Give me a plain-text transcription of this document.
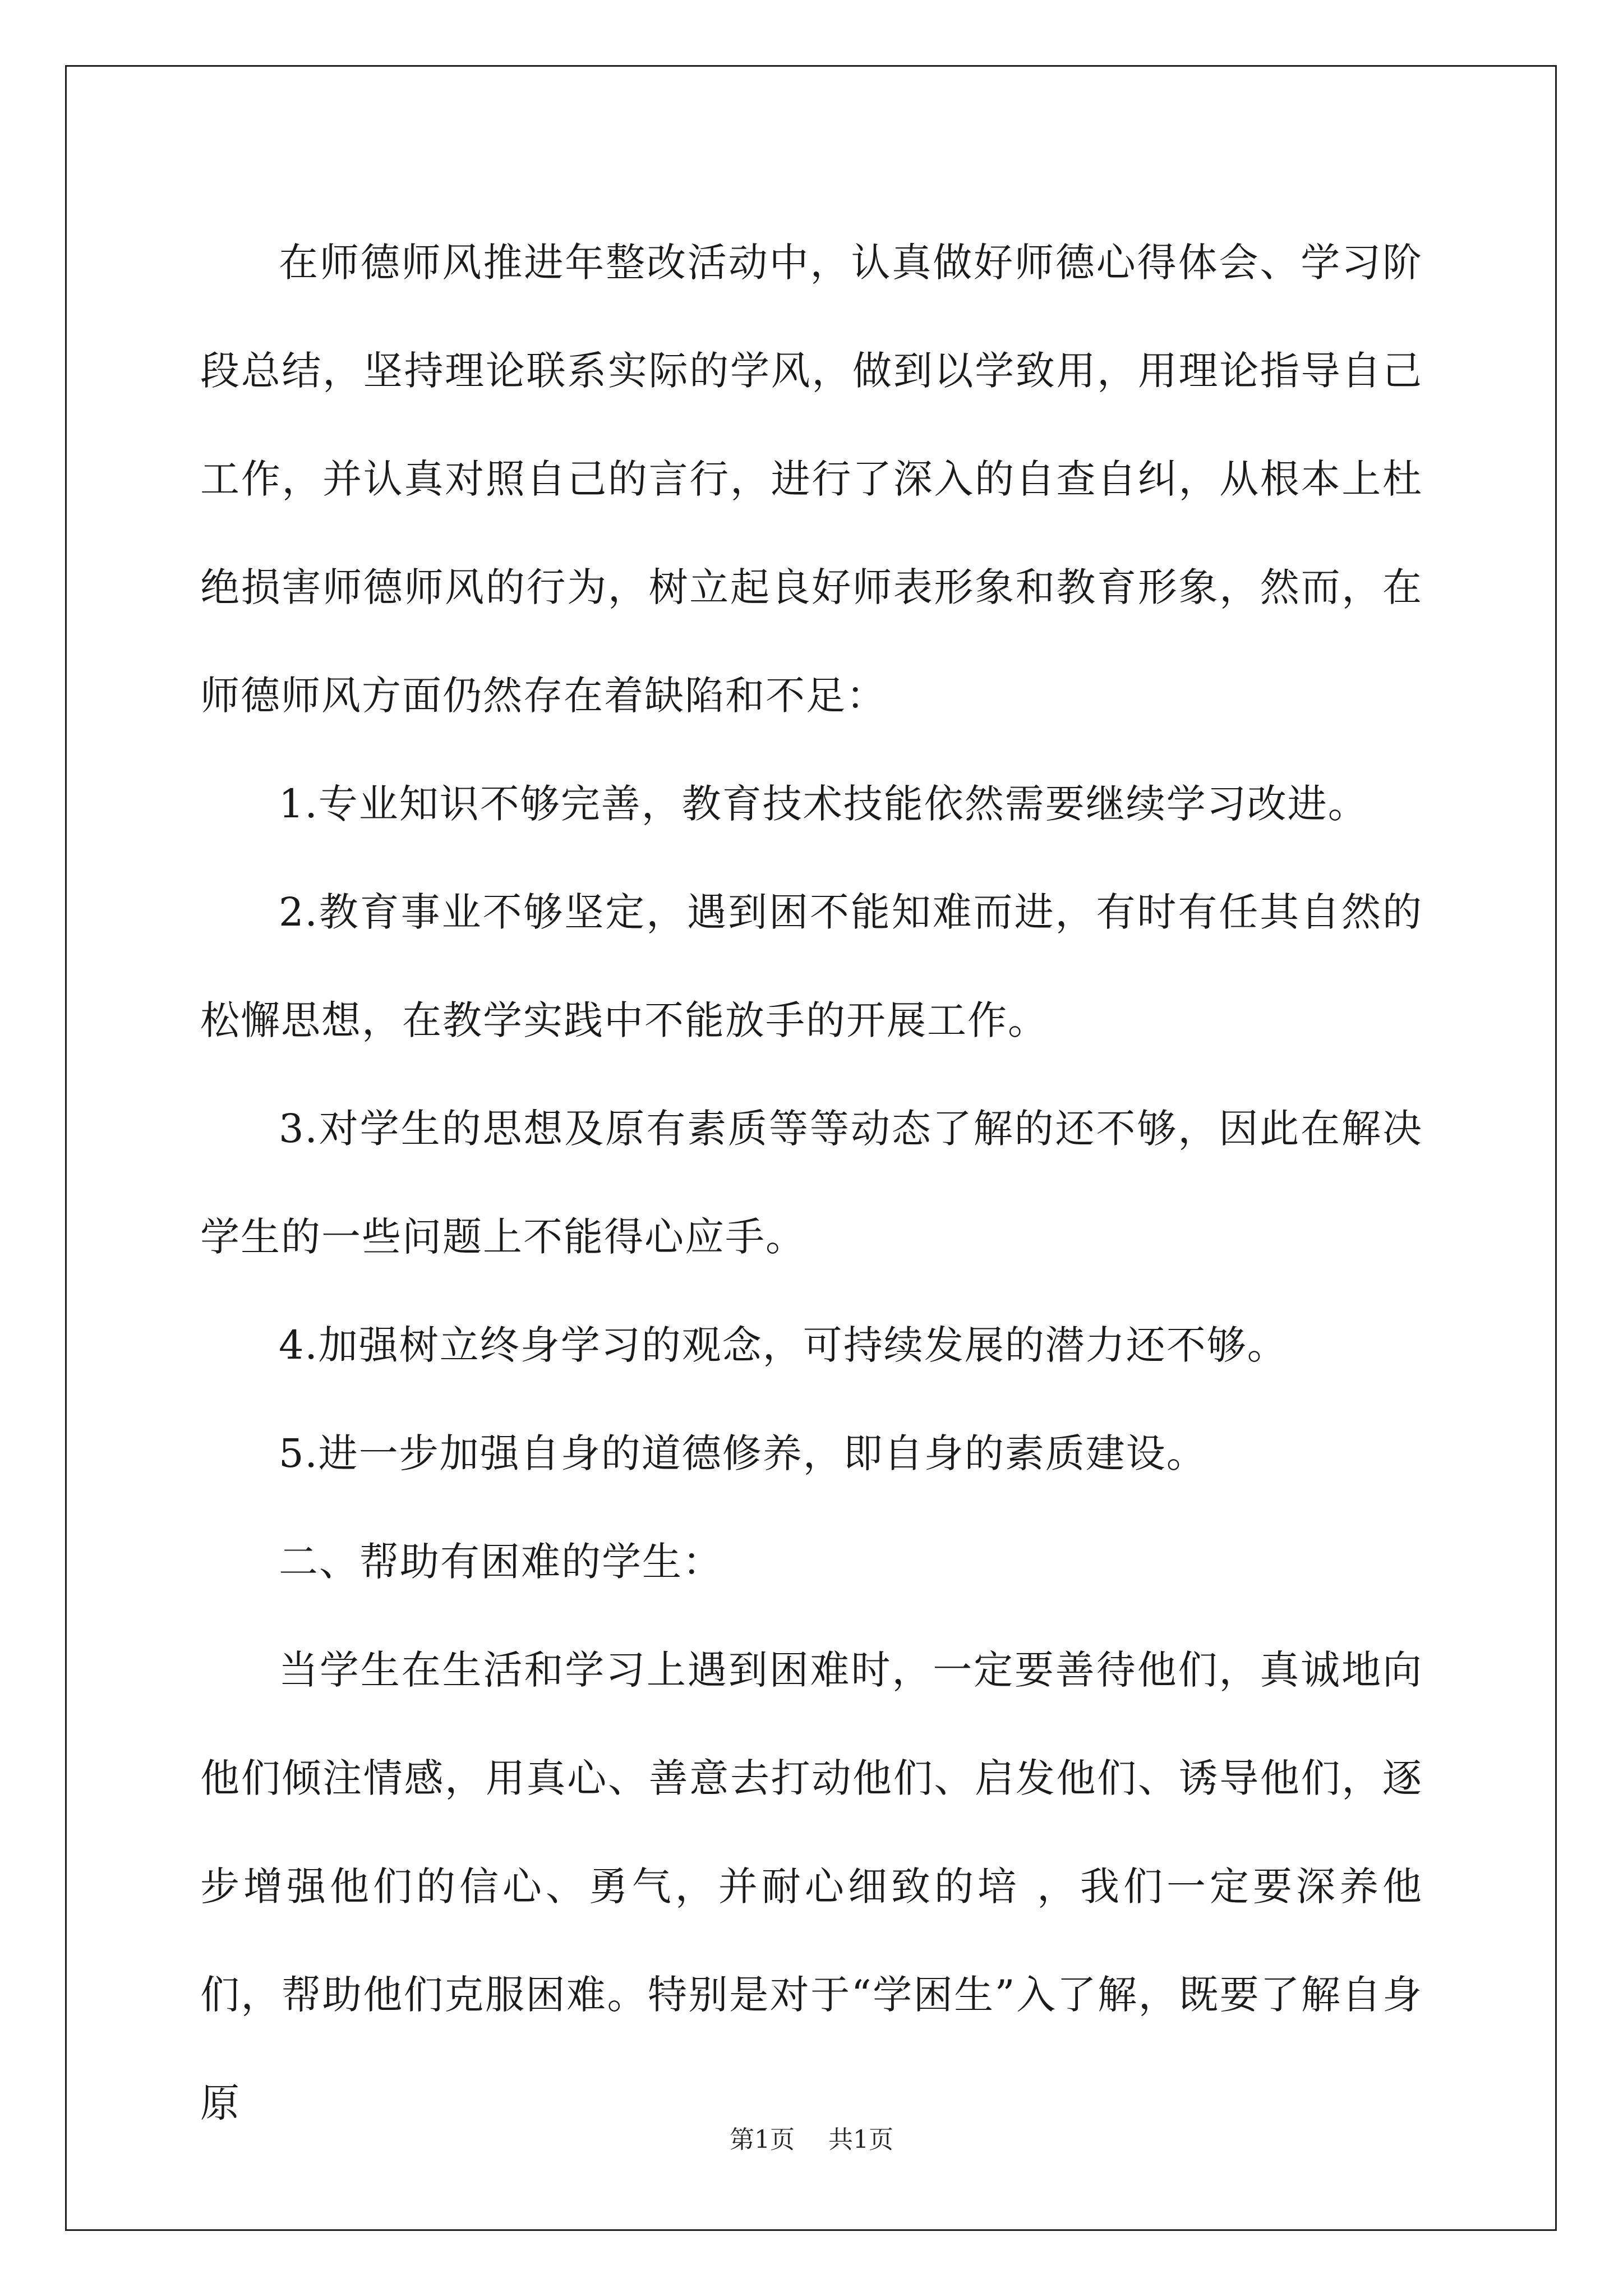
在师德师风推进年整改活动中，认真做好师德心得体会、学习阶段总结，坚持理论联系实际的学风，做到以学致用，用理论指导自己工作，并认真对照自己的言行，进行了深入的自查自纠，从根本上杜绝损害师德师风的行为，树立起良好师表形象和教育形象，然而，在师德师风方面仍然存在着缺陷和不足：

1.专业知识不够完善，教育技术技能依然需要继续学习改进。

2.教育事业不够坚定，遇到困不能知难而进，有时有任其自然的松懈思想，在教学实践中不能放手的开展工作。

3.对学生的思想及原有素质等等动态了解的还不够，因此在解决学生的一些问题上不能得心应手。

4.加强树立终身学习的观念，可持续发展的潜力还不够。

5.进一步加强自身的道德修养，即自身的素质建设。

二、帮助有困难的学生：

当学生在生活和学习上遇到困难时，一定要善待他们，真诚地向他们倾注情感，用真心、善意去打动他们、启发他们、诱导他们，逐步增强他们的信心、勇气，并耐心细致的培 ，我们一定要深养他们，帮助他们克服困难。特别是对于“学困生”入了解，既要了解自身原

第1页 共1页
